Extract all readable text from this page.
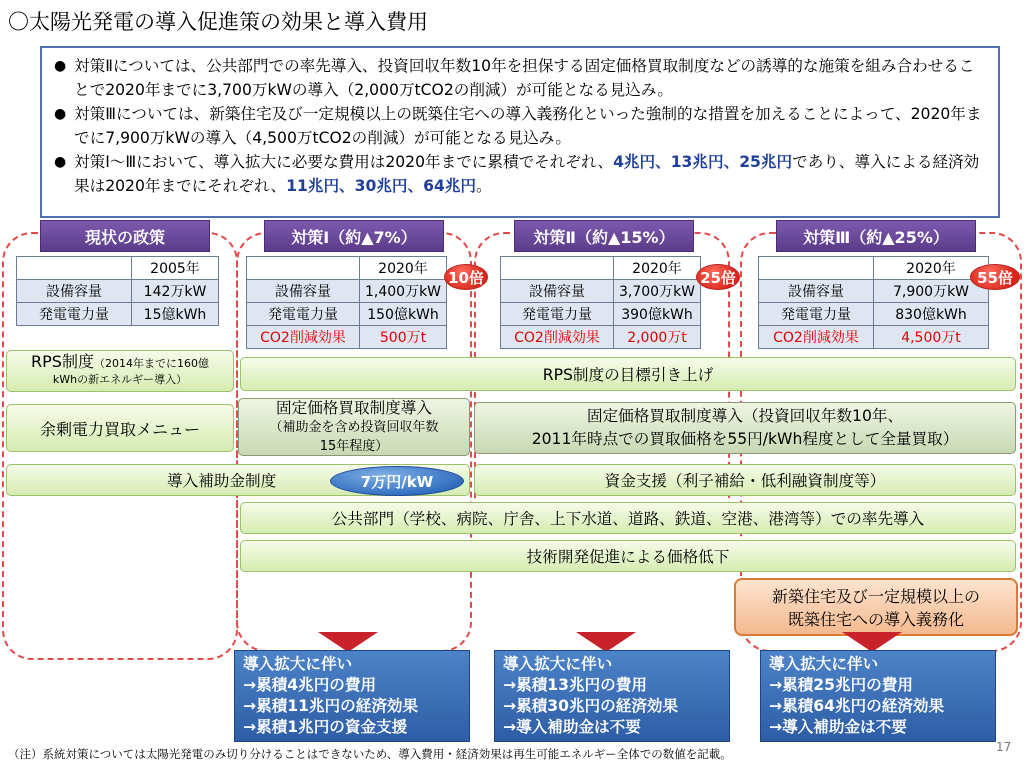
〇太陽光発電の導入促進策の効果と導入費用
● 対策Ⅱについては、公共部門での率先導入、投資回収年数10年を担保する固定価格買取制度などの誘導的な施策を組み合わせることで2020年までに3,700万kWの導入（2,000万tCO2の削減）が可能となる見込み。
● 対策Ⅲについては、新築住宅及び一定規模以上の既築住宅への導入義務化といった強制的な措置を加えることによって、2020年までに7,900万kWの導入（4,500万tCO2の削減）が可能となる見込み。
● 対策Ⅰ～Ⅲにおいて、導入拡大に必要な費用は2020年までに累積でそれぞれ、4兆円、13兆円、25兆円であり、導入による経済効果は2020年までにそれぞれ、11兆円、30兆円、64兆円。
現状の政策	対策Ⅰ（約▲7%）	対策Ⅱ（約▲15%）	対策Ⅲ（約▲25%）
	2005年
設備容量	142万kW
発電電力量	15億kWh
	2020年
設備容量	1,400万kW
発電電力量	150億kWh
CO2削減効果	500万t
	2020年
設備容量	3,700万kW
発電電力量	390億kWh
CO2削減効果	2,000万t
	2020年
設備容量	7,900万kW
発電電力量	830億kWh
CO2削減効果	4,500万t
10倍	25倍	55倍
RPS制度（2014年までに160億
kWhの新エネルギー導入）	RPS制度の目標引き上げ
余剰電力買取メニュー
固定価格買取制度導入
（補助金を含め投資回収年数
15年程度）
固定価格買取制度導入（投資回収年数10年、
2011年時点での買取価格を55円/kWh程度として全量買取）
導入補助金制度	7万円/kW	資金支援（利子補給・低利融資制度等）
公共部門（学校、病院、庁舎、上下水道、道路、鉄道、空港、港湾等）での率先導入
技術開発促進による価格低下
新築住宅及び一定規模以上の
既築住宅への導入義務化
導入拡大に伴い
→累積4兆円の費用
→累積11兆円の経済効果
→累積1兆円の資金支援
導入拡大に伴い
→累積13兆円の費用
→累積30兆円の経済効果
→導入補助金は不要
導入拡大に伴い
→累積25兆円の費用
→累積64兆円の経済効果
→導入補助金は不要
（注）系統対策については太陽光発電のみ切り分けることはできないため、導入費用・経済効果は再生可能エネルギー全体での数値を記載。	17
